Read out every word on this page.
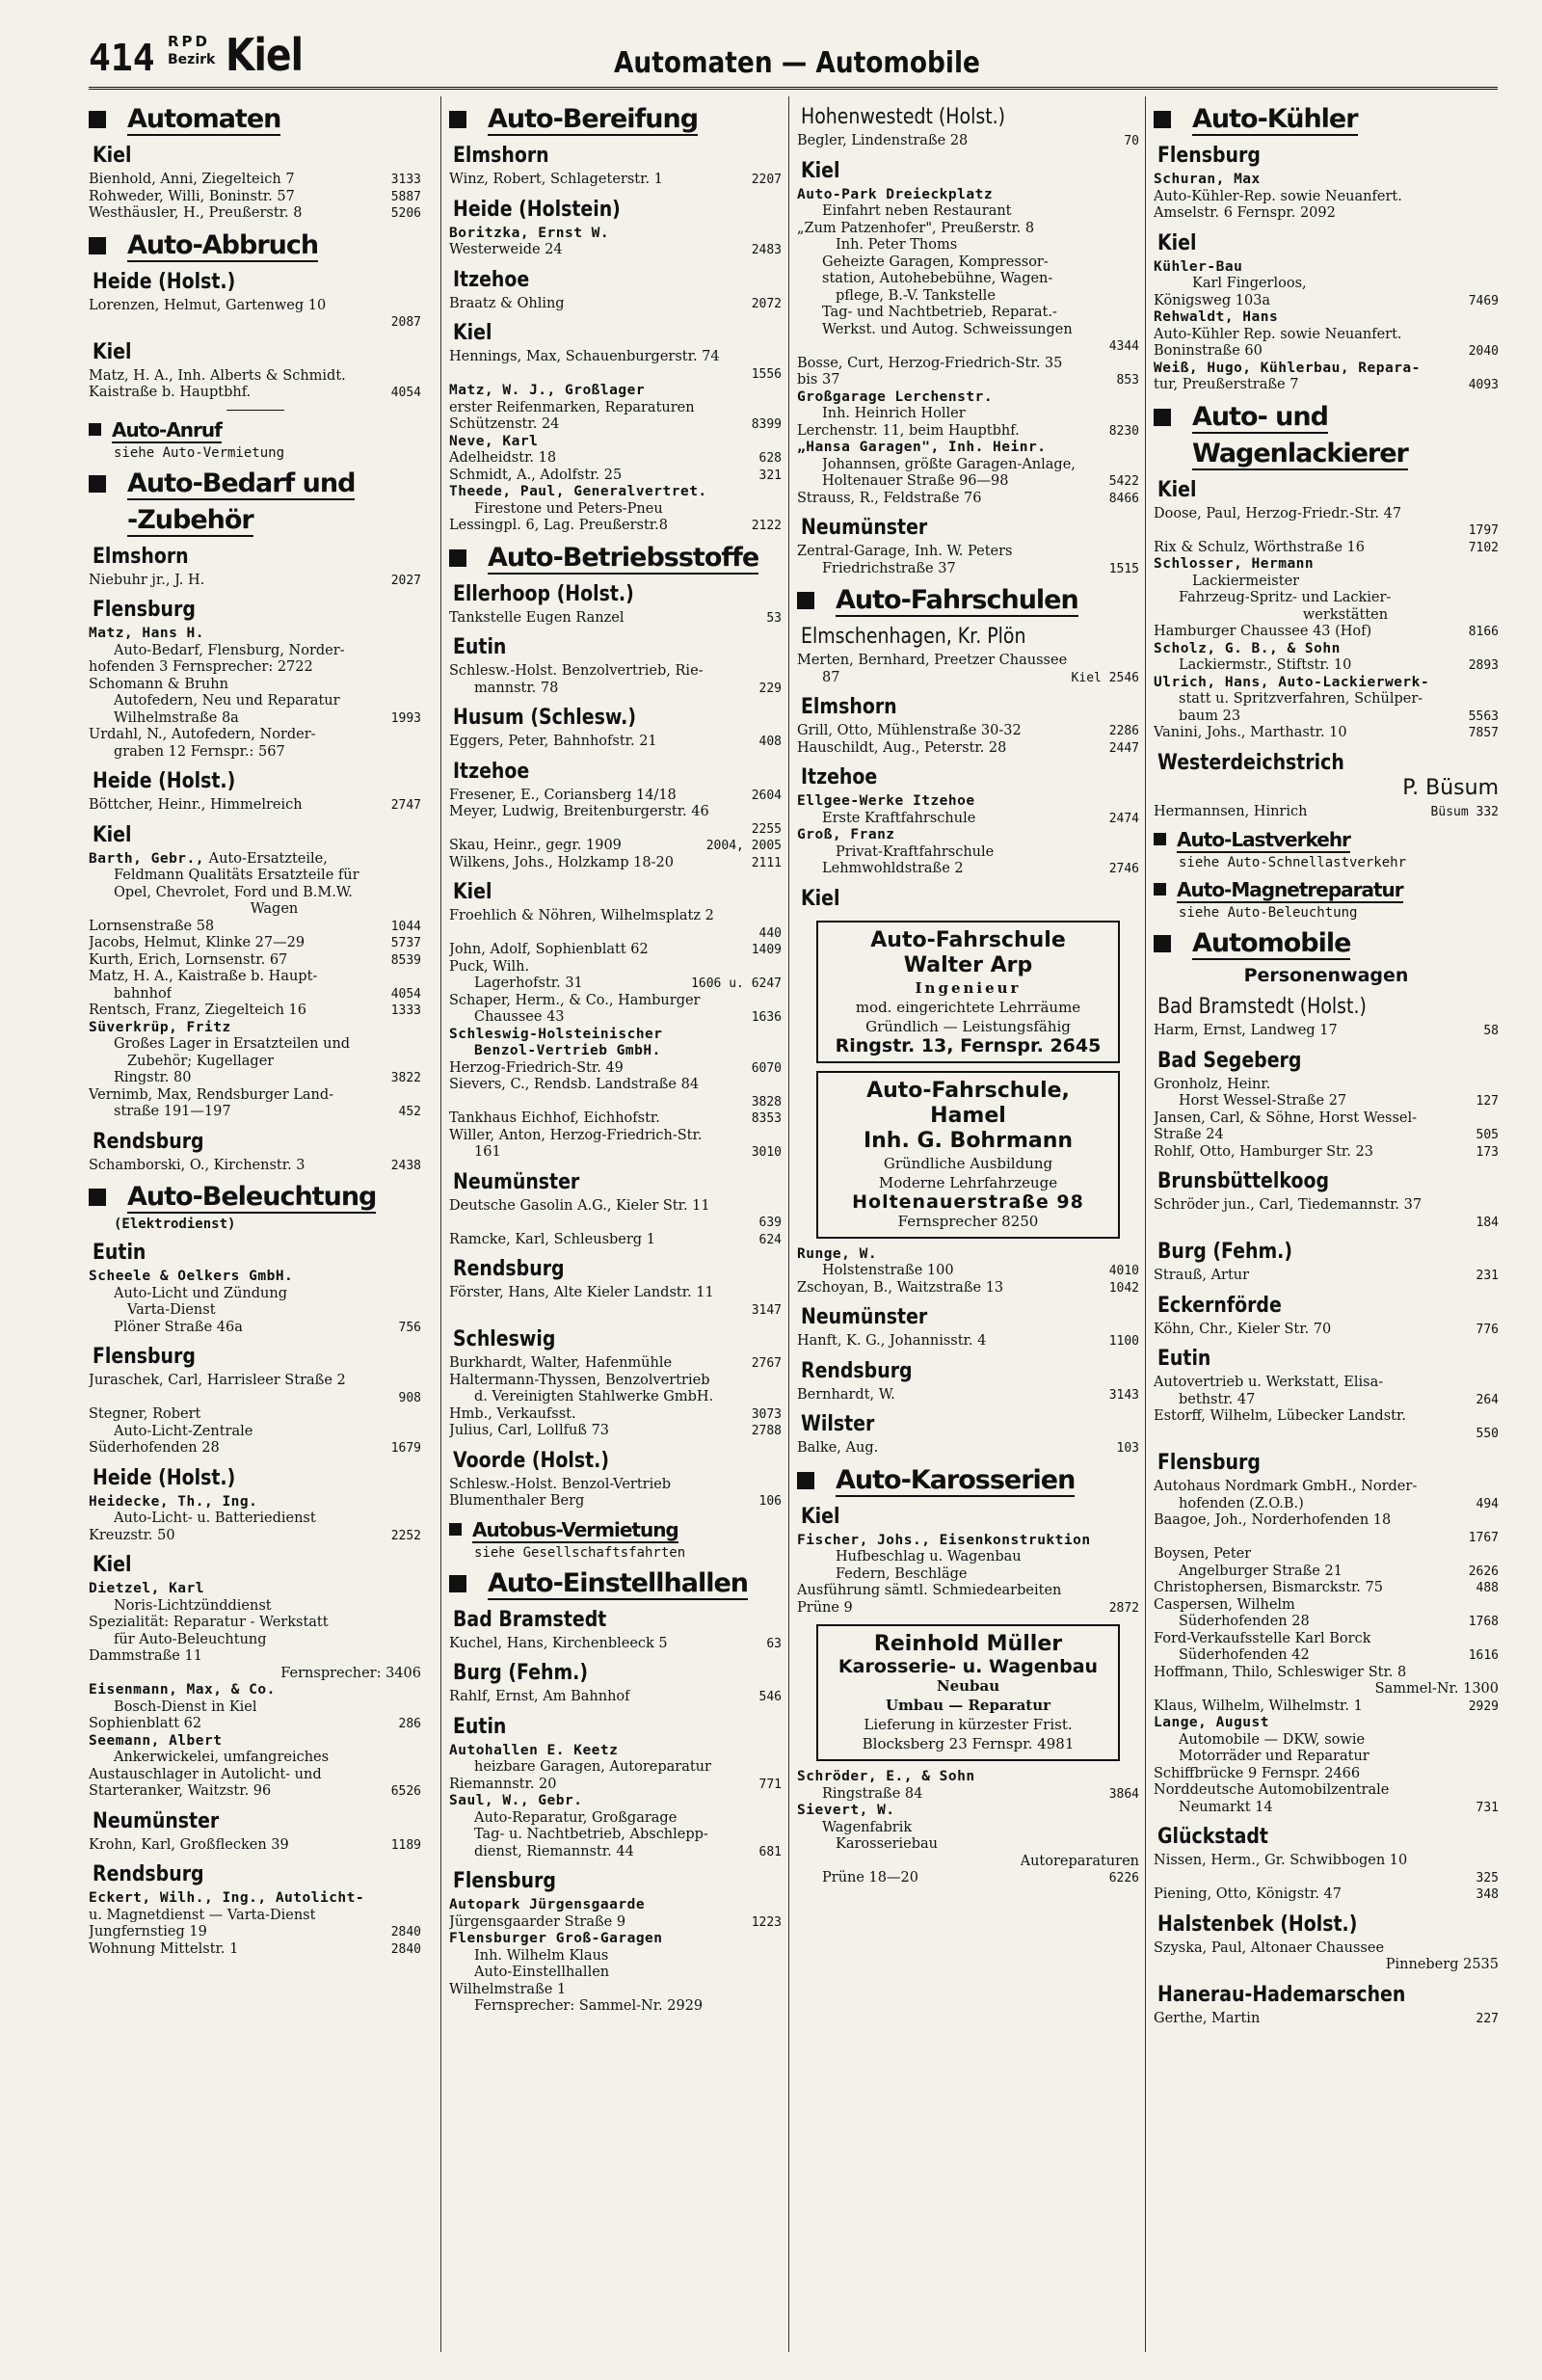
414 RPD
Bezirk Kiel	Automaten — Automobile
Automaten
Kiel
Bienhold, Anni, Ziegelteich 7	3133
Rohweder, Willi, Boninstr. 57	5887
Westhäusler, H., Preußerstr. 8	5206
Auto-Abbruch
Heide (Holst.)
Lorenzen, Helmut, Gartenweg 10
2087
Kiel
Matz, H. A., Inh. Alberts & Schmidt.
Kaistraße b. Hauptbhf.	4054
Auto-Anruf
siehe Auto-Vermietung
Auto-Bedarf und
-Zubehör
Elmshorn
Niebuhr jr., J. H.	2027
Flensburg
Matz, Hans H.
Auto-Bedarf, Flensburg, Norder-
hofenden 3 Fernsprecher: 2722
Schomann & Bruhn
Autofedern, Neu und Reparatur
Wilhelmstraße 8a	1993
Urdahl, N., Autofedern, Norder-
graben 12 Fernspr.: 567
Heide (Holst.)
Böttcher, Heinr., Himmelreich	2747
Kiel
Barth, Gebr., Auto-Ersatzteile,
Feldmann Qualitäts Ersatzteile für
Opel, Chevrolet, Ford und B.M.W.
Wagen
Lornsenstraße 58	1044
Jacobs, Helmut, Klinke 27—29	5737
Kurth, Erich, Lornsenstr. 67	8539
Matz, H. A., Kaistraße b. Haupt-
bahnhof	4054
Rentsch, Franz, Ziegelteich 16	1333
Süverkrüp, Fritz
Großes Lager in Ersatzteilen und
Zubehör; Kugellager
Ringstr. 80	3822
Vernimb, Max, Rendsburger Land-
straße 191—197	452
Rendsburg
Schamborski, O., Kirchenstr. 3	2438
Auto-Beleuchtung
(Elektrodienst)
Eutin
Scheele & Oelkers GmbH.
Auto-Licht und Zündung
Varta-Dienst
Plöner Straße 46a	756
Flensburg
Juraschek, Carl, Harrisleer Straße 2
908
Stegner, Robert
Auto-Licht-Zentrale
Süderhofenden 28	1679
Heide (Holst.)
Heidecke, Th., Ing.
Auto-Licht- u. Batteriedienst
Kreuzstr. 50	2252
Kiel
Dietzel, Karl
Noris-Lichtzünddienst
Spezialität: Reparatur - Werkstatt
für Auto-Beleuchtung
Dammstraße 11
Fernsprecher: 3406
Eisenmann, Max, & Co.
Bosch-Dienst in Kiel
Sophienblatt 62	286
Seemann, Albert
Ankerwickelei, umfangreiches
Austauschlager in Autolicht- und
Starteranker, Waitzstr. 96	6526
Neumünster
Krohn, Karl, Großflecken 39	1189
Rendsburg
Eckert, Wilh., Ing., Autolicht-
u. Magnetdienst — Varta-Dienst
Jungfernstieg 19	2840
Wohnung Mittelstr. 1	2840
Auto-Bereifung
Elmshorn
Winz, Robert, Schlageterstr. 1	2207
Heide (Holstein)
Boritzka, Ernst W.
Westerweide 24	2483
Itzehoe
Braatz & Ohling	2072
Kiel
Hennings, Max, Schauenburgerstr. 74
1556
Matz, W. J., Großlager
erster Reifenmarken, Reparaturen
Schützenstr. 24	8399
Neve, Karl
Adelheidstr. 18	628
Schmidt, A., Adolfstr. 25	321
Theede, Paul, Generalvertret.
Firestone und Peters-Pneu
Lessingpl. 6, Lag. Preußerstr.8	2122
Auto-Betriebsstoffe
Ellerhoop (Holst.)
Tankstelle Eugen Ranzel	53
Eutin
Schlesw.-Holst. Benzolvertrieb, Rie-
mannstr. 78	229
Husum (Schlesw.)
Eggers, Peter, Bahnhofstr. 21	408
Itzehoe
Fresener, E., Coriansberg 14/18	2604
Meyer, Ludwig, Breitenburgerstr. 46
2255
Skau, Heinr., gegr. 1909	2004, 2005
Wilkens, Johs., Holzkamp 18-20	2111
Kiel
Froehlich & Nöhren, Wilhelmsplatz 2
440
John, Adolf, Sophienblatt 62	1409
Puck, Wilh.
Lagerhofstr. 31	1606 u. 6247
Schaper, Herm., & Co., Hamburger
Chaussee 43	1636
Schleswig-Holsteinischer
Benzol-Vertrieb GmbH.
Herzog-Friedrich-Str. 49	6070
Sievers, C., Rendsb. Landstraße 84
3828
Tankhaus Eichhof, Eichhofstr.	8353
Willer, Anton, Herzog-Friedrich-Str.
161	3010
Neumünster
Deutsche Gasolin A.G., Kieler Str. 11
639
Ramcke, Karl, Schleusberg 1	624
Rendsburg
Förster, Hans, Alte Kieler Landstr. 11
3147
Schleswig
Burkhardt, Walter, Hafenmühle	2767
Haltermann-Thyssen, Benzolvertrieb
d. Vereinigten Stahlwerke GmbH.
Hmb., Verkaufsst.	3073
Julius, Carl, Lollfuß 73	2788
Voorde (Holst.)
Schlesw.-Holst. Benzol-Vertrieb
Blumenthaler Berg	106
Autobus-Vermietung
siehe Gesellschaftsfahrten
Auto-Einstellhallen
Bad Bramstedt
Kuchel, Hans, Kirchenbleeck 5	63
Burg (Fehm.)
Rahlf, Ernst, Am Bahnhof	546
Eutin
Autohallen E. Keetz
heizbare Garagen, Autoreparatur
Riemannstr. 20	771
Saul, W., Gebr.
Auto-Reparatur, Großgarage
Tag- u. Nachtbetrieb, Abschlepp-
dienst, Riemannstr. 44	681
Flensburg
Autopark Jürgensgaarde
Jürgensgaarder Straße 9	1223
Flensburger Groß-Garagen
Inh. Wilhelm Klaus
Auto-Einstellhallen
Wilhelmstraße 1
Fernsprecher: Sammel-Nr. 2929
Hohenwestedt (Holst.)
Begler, Lindenstraße 28	70
Kiel
Auto-Park Dreieckplatz
Einfahrt neben Restaurant
„Zum Patzenhofer", Preußerstr. 8
Inh. Peter Thoms
Geheizte Garagen, Kompressor-
station, Autohebebühne, Wagen-
pflege, B.-V. Tankstelle
Tag- und Nachtbetrieb, Reparat.-
Werkst. und Autog. Schweissungen
4344
Bosse, Curt, Herzog-Friedrich-Str. 35
bis 37	853
Großgarage Lerchenstr.
Inh. Heinrich Holler
Lerchenstr. 11, beim Hauptbhf.	8230
„Hansa Garagen", Inh. Heinr.
Johannsen, größte Garagen-Anlage,
Holtenauer Straße 96—98	5422
Strauss, R., Feldstraße 76	8466
Neumünster
Zentral-Garage, Inh. W. Peters
Friedrichstraße 37	1515
Auto-Fahrschulen
Elmschenhagen, Kr. Plön
Merten, Bernhard, Preetzer Chaussee
87	Kiel 2546
Elmshorn
Grill, Otto, Mühlenstraße 30-32	2286
Hauschildt, Aug., Peterstr. 28	2447
Itzehoe
Ellgee-Werke Itzehoe
Erste Kraftfahrschule	2474
Groß, Franz
Privat-Kraftfahrschule
Lehmwohldstraße 2	2746
Kiel
Auto-Fahrschule
Walter Arp
Ingenieur
mod. eingerichtete Lehrräume
Gründlich — Leistungsfähig
Ringstr. 13, Fernspr. 2645
Auto-Fahrschule, Hamel
Inh. G. Bohrmann
Gründliche Ausbildung
Moderne Lehrfahrzeuge
Holtenauerstraße 98
Fernsprecher 8250
Runge, W.
Holstenstraße 100	4010
Zschoyan, B., Waitzstraße 13	1042
Neumünster
Hanft, K. G., Johannisstr. 4	1100
Rendsburg
Bernhardt, W.	3143
Wilster
Balke, Aug.	103
Auto-Karosserien
Kiel
Fischer, Johs., Eisenkonstruktion
Hufbeschlag u. Wagenbau
Federn, Beschläge
Ausführung sämtl. Schmiedearbeiten
Prüne 9	2872
Reinhold Müller
Karosserie- u. Wagenbau
Neubau
Umbau — Reparatur
Lieferung in kürzester Frist.
Blocksberg 23 Fernspr. 4981
Schröder, E., & Sohn
Ringstraße 84	3864
Sievert, W.
Wagenfabrik
Karosseriebau
Autoreparaturen
Prüne 18—20	6226
Auto-Kühler
Flensburg
Schuran, Max
Auto-Kühler-Rep. sowie Neuanfert.
Amselstr. 6 Fernspr. 2092
Kiel
Kühler-Bau
Karl Fingerloos,
Königsweg 103a	7469
Rehwaldt, Hans
Auto-Kühler Rep. sowie Neuanfert.
Boninstraße 60	2040
Weiß, Hugo, Kühlerbau, Repara-
tur, Preußerstraße 7	4093
Auto- und
Wagenlackierer
Kiel
Doose, Paul, Herzog-Friedr.-Str. 47
1797
Rix & Schulz, Wörthstraße 16	7102
Schlosser, Hermann
Lackiermeister
Fahrzeug-Spritz- und Lackier-
werkstätten
Hamburger Chaussee 43 (Hof)	8166
Scholz, G. B., & Sohn
Lackiermstr., Stiftstr. 10	2893
Ulrich, Hans, Auto-Lackierwerk-
statt u. Spritzverfahren, Schülper-
baum 23	5563
Vanini, Johs., Marthastr. 10	7857
Westerdeichstrich
P. Büsum
Hermannsen, Hinrich	Büsum 332
Auto-Lastverkehr
siehe Auto-Schnellastverkehr
Auto-Magnetreparatur
siehe Auto-Beleuchtung
Automobile
Personenwagen
Bad Bramstedt (Holst.)
Harm, Ernst, Landweg 17	58
Bad Segeberg
Gronholz, Heinr.
Horst Wessel-Straße 27	127
Jansen, Carl, & Söhne, Horst Wessel-
Straße 24	505
Rohlf, Otto, Hamburger Str. 23	173
Brunsbüttelkoog
Schröder jun., Carl, Tiedemannstr. 37
184
Burg (Fehm.)
Strauß, Artur	231
Eckernförde
Köhn, Chr., Kieler Str. 70	776
Eutin
Autovertrieb u. Werkstatt, Elisa-
bethstr. 47	264
Estorff, Wilhelm, Lübecker Landstr.
550
Flensburg
Autohaus Nordmark GmbH., Norder-
hofenden (Z.O.B.)	494
Baagoe, Joh., Norderhofenden 18
1767
Boysen, Peter
Angelburger Straße 21	2626
Christophersen, Bismarckstr. 75	488
Caspersen, Wilhelm
Süderhofenden 28	1768
Ford-Verkaufsstelle Karl Borck
Süderhofenden 42	1616
Hoffmann, Thilo, Schleswiger Str. 8
Sammel-Nr. 1300
Klaus, Wilhelm, Wilhelmstr. 1	2929
Lange, August
Automobile — DKW, sowie
Motorräder und Reparatur
Schiffbrücke 9 Fernspr. 2466
Norddeutsche Automobilzentrale
Neumarkt 14	731
Glückstadt
Nissen, Herm., Gr. Schwibbogen 10
325
Piening, Otto, Königstr. 47	348
Halstenbek (Holst.)
Szyska, Paul, Altonaer Chaussee
Pinneberg 2535
Hanerau-Hademarschen
Gerthe, Martin	227
